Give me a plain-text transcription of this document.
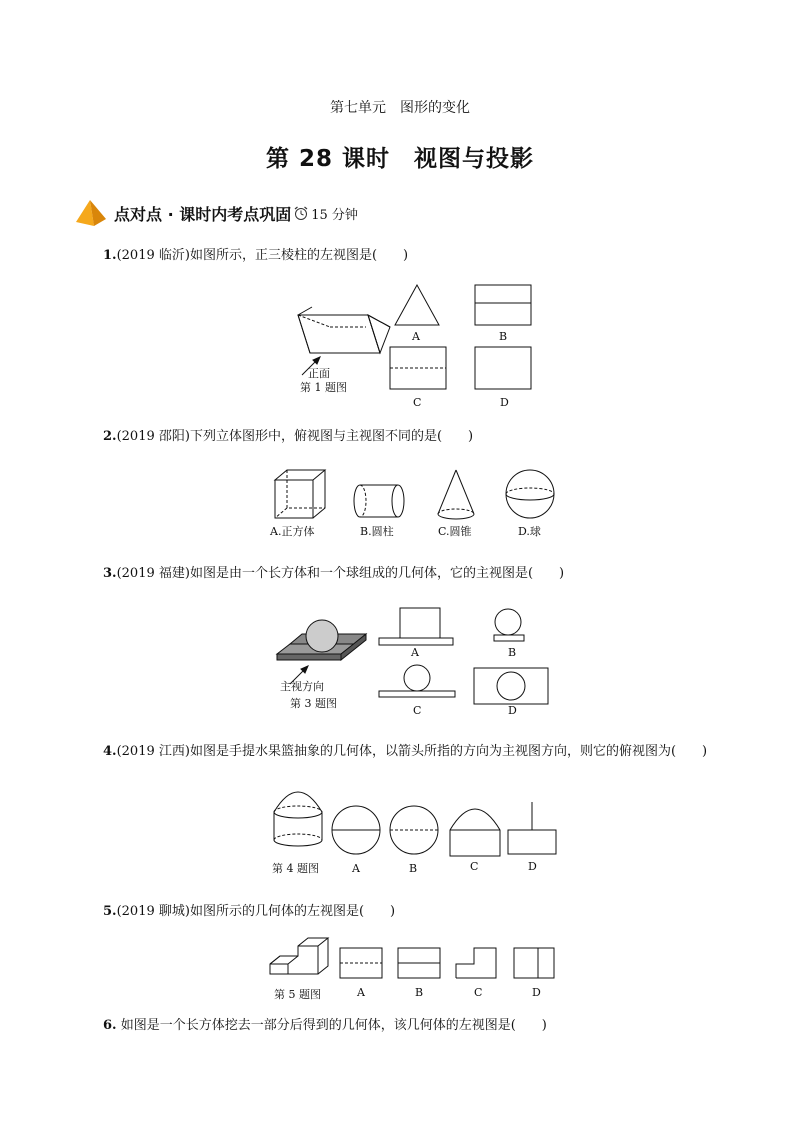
第七单元　图形的变化
第 28 课时　视图与投影
点对点 · 课时内考点巩固 15 分钟
1.(2019 临沂)如图所示，正三棱柱的左视图是(　　)
正面
第 1 题图
A	B
C	D
2.(2019 邵阳)下列立体图形中，俯视图与主视图不同的是(　　)
A.正方体	B.圆柱	C.圆锥	D.球
3.(2019 福建)如图是由一个长方体和一个球组成的几何体，它的主视图是(　　)
主视方向
第 3 题图
A	B
C	D
4.(2019 江西)如图是手提水果篮抽象的几何体，以箭头所指的方向为主视图方向，则它的俯视图为(　　)
第 4 题图	A	B	C	D
5.(2019 聊城)如图所示的几何体的左视图是(　　)
第 5 题图	A	B	C	D
6. 如图是一个长方体挖去一部分后得到的几何体，该几何体的左视图是(　　)
